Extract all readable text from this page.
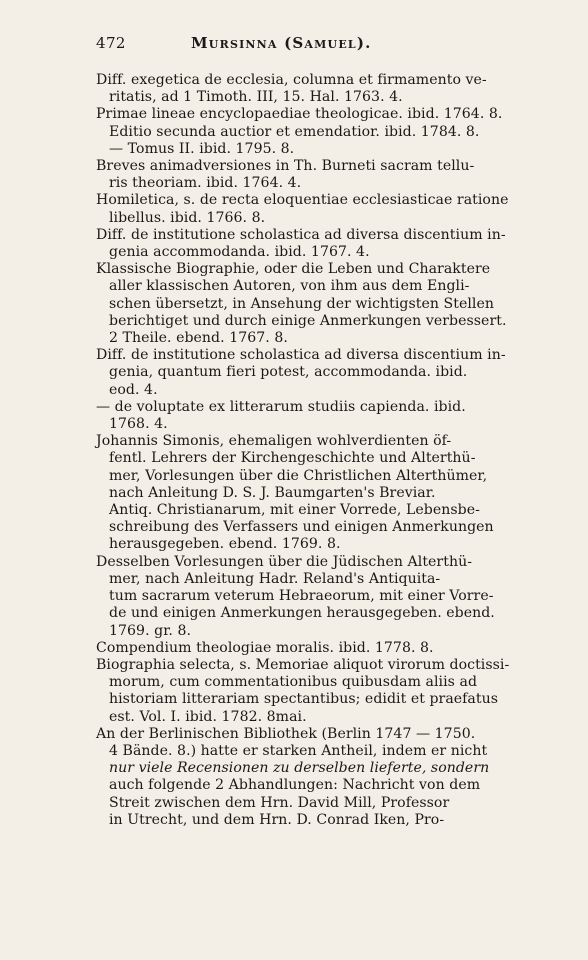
472	Mursinna (Samuel).
Diff. exegetica de ecclesia, columna et firmamento ve-
ritatis, ad 1 Timoth. III, 15. Hal. 1763. 4.
Primae lineae encyclopaediae theologicae. ibid. 1764. 8.
Editio secunda auctior et emendatior. ibid. 1784. 8.
— Tomus II. ibid. 1795. 8.
Breves animadversiones in Th. Burneti sacram tellu-
ris theoriam. ibid. 1764. 4.
Homiletica, s. de recta eloquentiae ecclesiasticae ratione
libellus. ibid. 1766. 8.
Diff. de institutione scholastica ad diversa discentium in-
genia accommodanda. ibid. 1767. 4.
Klassische Biographie, oder die Leben und Charaktere
aller klassischen Autoren, von ihm aus dem Engli-
schen übersetzt, in Ansehung der wichtigsten Stellen
berichtiget und durch einige Anmerkungen verbessert.
2 Theile. ebend. 1767. 8.
Diff. de institutione scholastica ad diversa discentium in-
genia, quantum fieri potest, accommodanda. ibid.
eod. 4.
— de voluptate ex litterarum studiis capienda. ibid.
1768. 4.
Johannis Simonis, ehemaligen wohlverdienten öf-
fentl. Lehrers der Kirchengeschichte und Alterthü-
mer, Vorlesungen über die Christlichen Alterthümer,
nach Anleitung D. S. J. Baumgarten's Breviar.
Antiq. Christianarum, mit einer Vorrede, Lebensbe-
schreibung des Verfassers und einigen Anmerkungen
herausgegeben. ebend. 1769. 8.
Desselben Vorlesungen über die Jüdischen Alterthü-
mer, nach Anleitung Hadr. Reland's Antiquita-
tum sacrarum veterum Hebraeorum, mit einer Vorre-
de und einigen Anmerkungen herausgegeben. ebend.
1769. gr. 8.
Compendium theologiae moralis. ibid. 1778. 8.
Biographia selecta, s. Memoriae aliquot virorum doctissi-
morum, cum commentationibus quibusdam aliis ad
historiam litterariam spectantibus; edidit et praefatus
est. Vol. I. ibid. 1782. 8mai.
An der Berlinischen Bibliothek (Berlin 1747 — 1750.
4 Bände. 8.) hatte er starken Antheil, indem er nicht
nur viele Recensionen zu derselben lieferte, sondern
auch folgende 2 Abhandlungen: Nachricht von dem
Streit zwischen dem Hrn. David Mill, Professor
in Utrecht, und dem Hrn. D. Conrad Iken, Pro-
